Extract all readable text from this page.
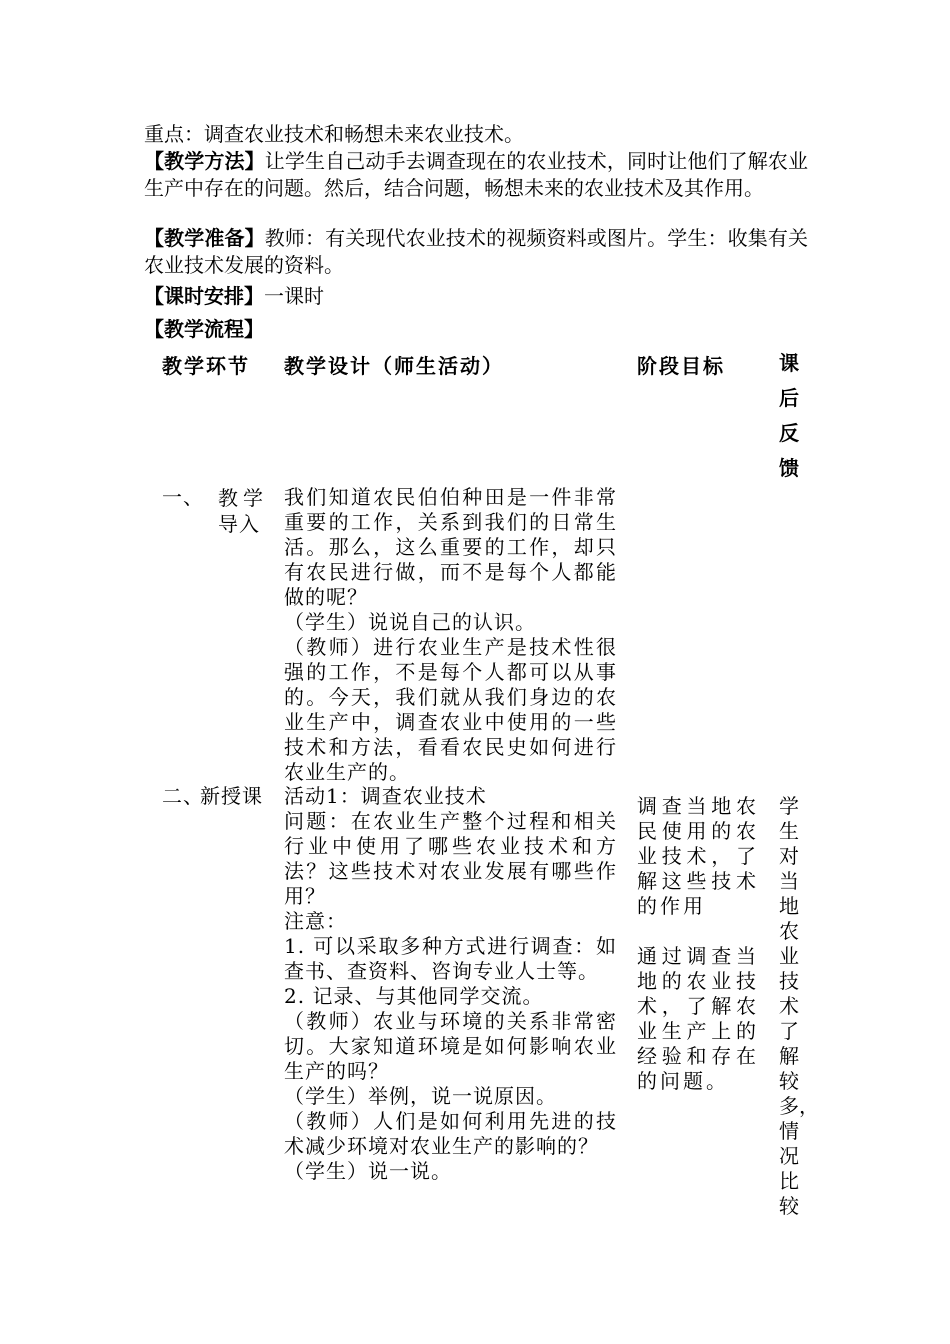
重点：调查农业技术和畅想未来农业技术。
【教学方法】让学生自己动手去调查现在的农业技术，同时让他们了解农业生产中存在的问题。然后，结合问题，畅想未来的农业技术及其作用。
【教学准备】教师：有关现代农业技术的视频资料或图片。学生：收集有关农业技术发展的资料。
【课时安排】一课时
【教学流程】
教学环节 教学设计（师生活动）	阶段目标	课后反馈
一、 教学导入

我们知道农民伯伯种田是一件非常重要的工作，关系到我们的日常生活。那么，这么重要的工作，却只有农民进行做，而不是每个人都能做的呢？

（学生）说说自己的认识。

（教师）进行农业生产是技术性很强的工作，不是每个人都可以从事的。今天，我们就从我们身边的农业生产中，调查农业中使用的一些技术和方法，看看农民史如何进行农业生产的。

二、
新授课 活动1：调查农业技术

问题：在农业生产整个过程和相关行业中使用了哪些农业技术和方法？这些技术对农业发展有哪些作用？

注意：

1. 可以采取多种方式进行调查：如查书、查资料、咨询专业人士等。

2. 记录、与其他同学交流。

（教师）农业与环境的关系非常密切。大家知道环境是如何影响农业生产的吗？

（学生）举例，说一说原因。

（教师）人们是如何利用先进的技术减少环境对农业生产的影响的？

（学生）说一说。

调查当地农民使用的农业技术，了解这些技术的作用

通过调查当地的农业技术，了解农业生产上的经验和存在的问题。

学生对当地农业技术了解较多，情况比较
